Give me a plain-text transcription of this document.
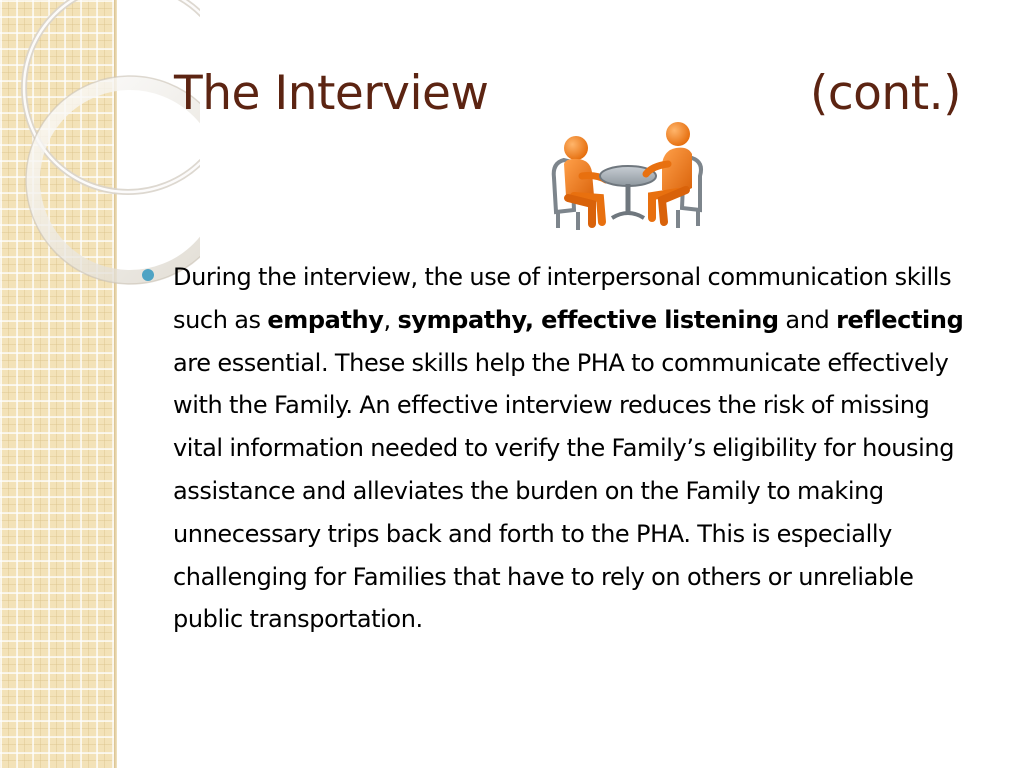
The Interview	(cont.)
During the interview, the use of interpersonal communication skills such as empathy, sympathy, effective listening and reflecting are essential. These skills help the PHA to communicate effectively with the Family. An effective interview reduces the risk of missing vital information needed to verify the Family’s eligibility for housing assistance and alleviates the burden on the Family to making unnecessary trips back and forth to the PHA. This is especially challenging for Families that have to rely on others or unreliable public transportation.
